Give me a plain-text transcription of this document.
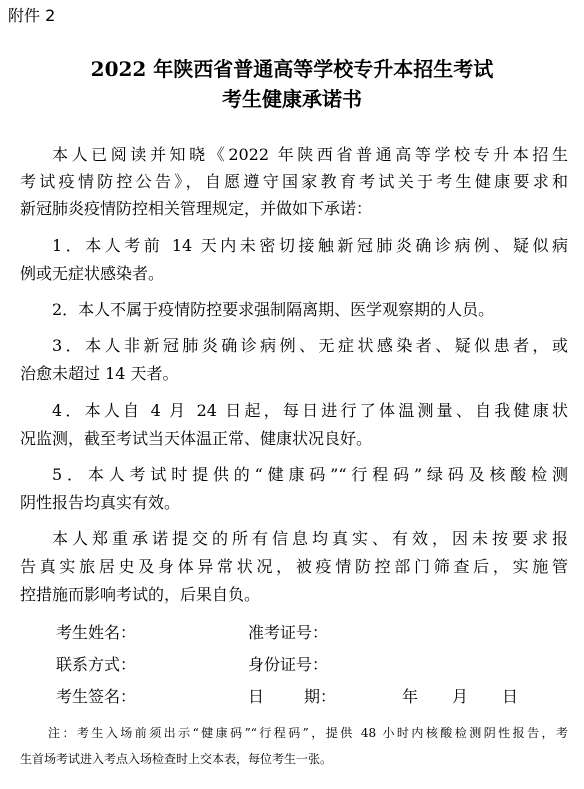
附件 2
2022 年陕西省普通高等学校专升本招生考试
考生健康承诺书
本人已阅读并知晓《2022 年陕西省普通高等学校专升本招生
考试疫情防控公告》，自愿遵守国家教育考试关于考生健康要求和
新冠肺炎疫情防控相关管理规定，并做如下承诺：
1．本人考前 14 天内未密切接触新冠肺炎确诊病例、疑似病
例或无症状感染者。
2．本人不属于疫情防控要求强制隔离期、医学观察期的人员。
3．本人非新冠肺炎确诊病例、无症状感染者、疑似患者，或
治愈未超过 14 天者。
4．本人自 4 月 24 日起，每日进行了体温测量、自我健康状
况监测，截至考试当天体温正常、健康状况良好。
5．本人考试时提供的“健康码”“行程码”绿码及核酸检测
阴性报告均真实有效。
本人郑重承诺提交的所有信息均真实、有效，因未按要求报
告真实旅居史及身体异常状况，被疫情防控部门筛查后，实施管
控措施而影响考试的，后果自负。
考生姓名：	准考证号：
联系方式：	身份证号：
考生签名：	日 期：	年 月 日
注：考生入场前须出示“健康码”“行程码”，提供 48 小时内核酸检测阴性报告，考
生首场考试进入考点入场检查时上交本表，每位考生一张。
